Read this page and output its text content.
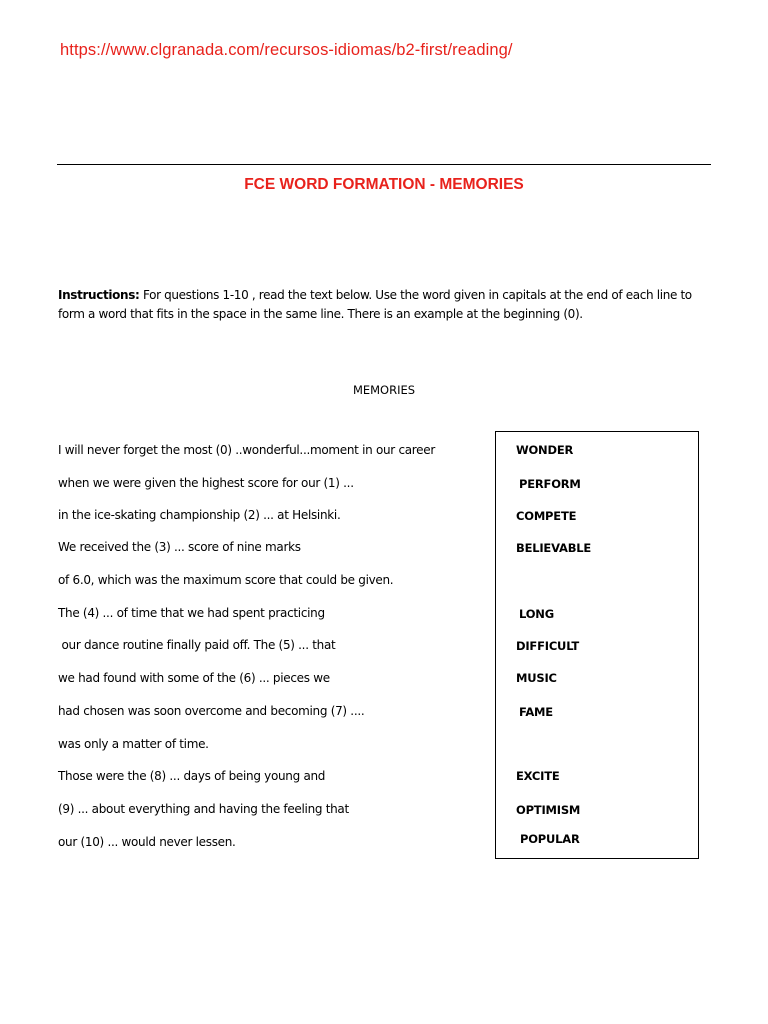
https://www.clgranada.com/recursos-idiomas/b2-first/reading/
FCE WORD FORMATION - MEMORIES
Instructions: For questions 1-10 , read the text below. Use the word given in capitals at the end of each line to form a word that fits in the space in the same line. There is an example at the beginning (0).
MEMORIES
I will never forget the most (0) ..wonderful...moment in our career
when we were given the highest score for our (1) ...
in the ice-skating championship (2) ... at Helsinki.
We received the (3) ... score of nine marks
of 6.0, which was the maximum score that could be given.
The (4) ... of time that we had spent practicing
our dance routine finally paid off. The (5) ... that
we had found with some of the (6) ... pieces we
had chosen was soon overcome and becoming (7) ....
was only a matter of time.
Those were the (8) ... days of being young and
(9) ... about everything and having the feeling that
our (10) ... would never lessen.
WONDER
PERFORM
COMPETE
BELIEVABLE
LONG
DIFFICULT
MUSIC
FAME
EXCITE
OPTIMISM
POPULAR
